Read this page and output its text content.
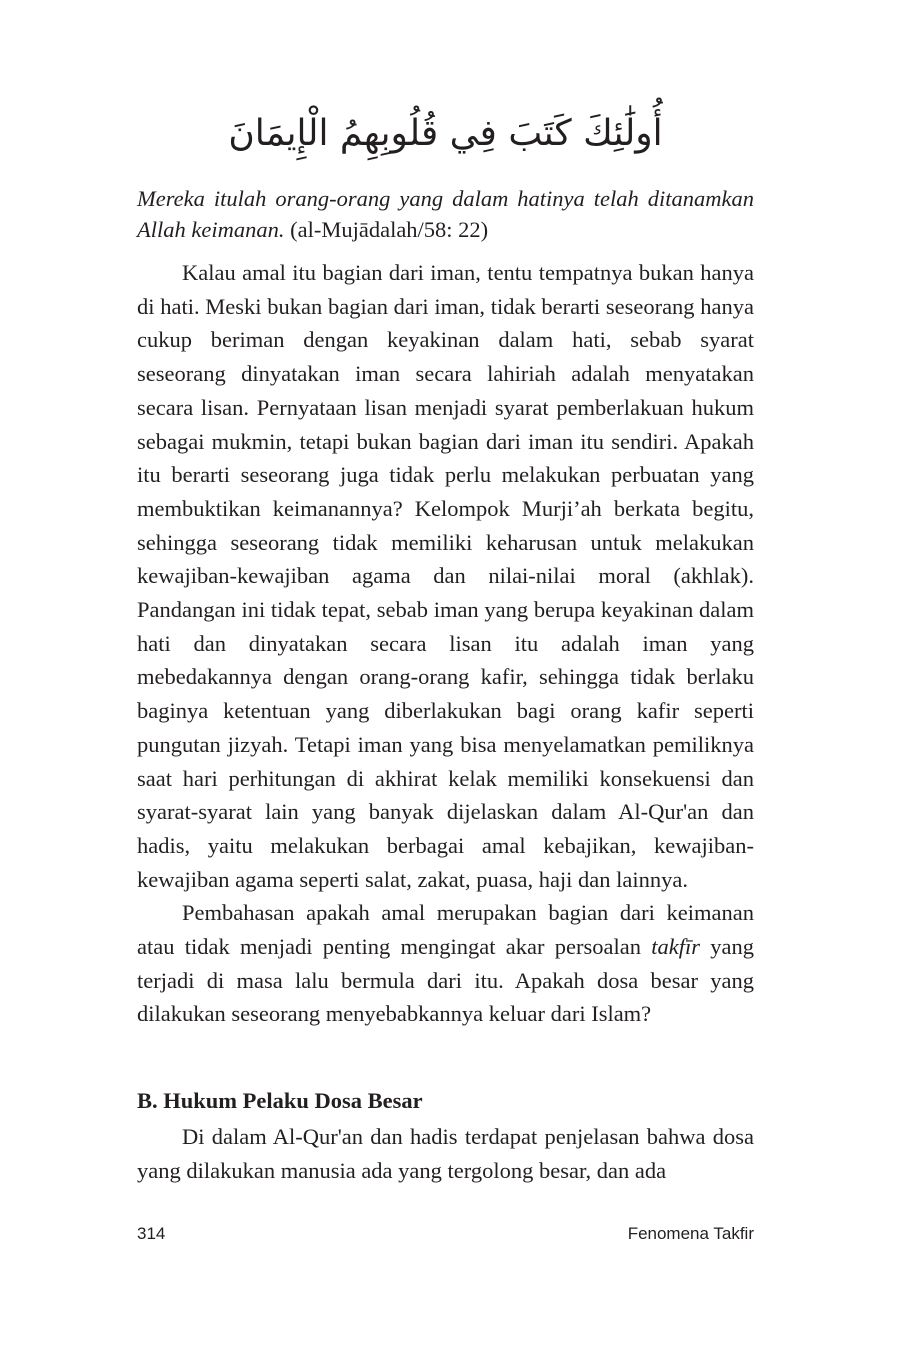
أُولَٰئِكَ كَتَبَ فِي قُلُوبِهِمُ الْإِيمَانَ
Mereka itulah orang-orang yang dalam hatinya telah ditanamkan Allah keimanan. (al-Mujādalah/58: 22)

Kalau amal itu bagian dari iman, tentu tempatnya bukan hanya di hati. Meski bukan bagian dari iman, tidak berarti seseorang hanya cukup beriman dengan keyakinan dalam hati, sebab syarat seseorang dinyatakan iman secara lahiriah adalah menyatakan secara lisan. Pernyataan lisan menjadi syarat pemberlakuan hukum sebagai mukmin, tetapi bukan bagian dari iman itu sendiri. Apakah itu berarti seseorang juga tidak perlu melakukan perbuatan yang membuktikan keimanannya? Kelompok Murji’ah berkata begitu, sehingga seseorang tidak memiliki keharusan untuk melakukan kewajiban-kewajiban agama dan nilai-nilai moral (akhlak). Pandangan ini tidak tepat, sebab iman yang berupa keyakinan dalam hati dan dinyatakan secara lisan itu adalah iman yang mebedakannya dengan orang-orang kafir, sehingga tidak berlaku baginya ketentuan yang diberlakukan bagi orang kafir seperti pungutan jizyah. Tetapi iman yang bisa menyelamatkan pemiliknya saat hari perhitungan di akhirat kelak memiliki konsekuensi dan syarat-syarat lain yang banyak dijelaskan dalam Al-Qur'an dan hadis, yaitu melakukan berbagai amal kebajikan, kewajiban-kewajiban agama seperti salat, zakat, puasa, haji dan lainnya.

Pembahasan apakah amal merupakan bagian dari keimanan atau tidak menjadi penting mengingat akar persoalan takfīr yang terjadi di masa lalu bermula dari itu. Apakah dosa besar yang dilakukan seseorang menyebabkannya keluar dari Islam?

B. Hukum Pelaku Dosa Besar

Di dalam Al-Qur'an dan hadis terdapat penjelasan bahwa dosa yang dilakukan manusia ada yang tergolong besar, dan ada

314	Fenomena Takfir
